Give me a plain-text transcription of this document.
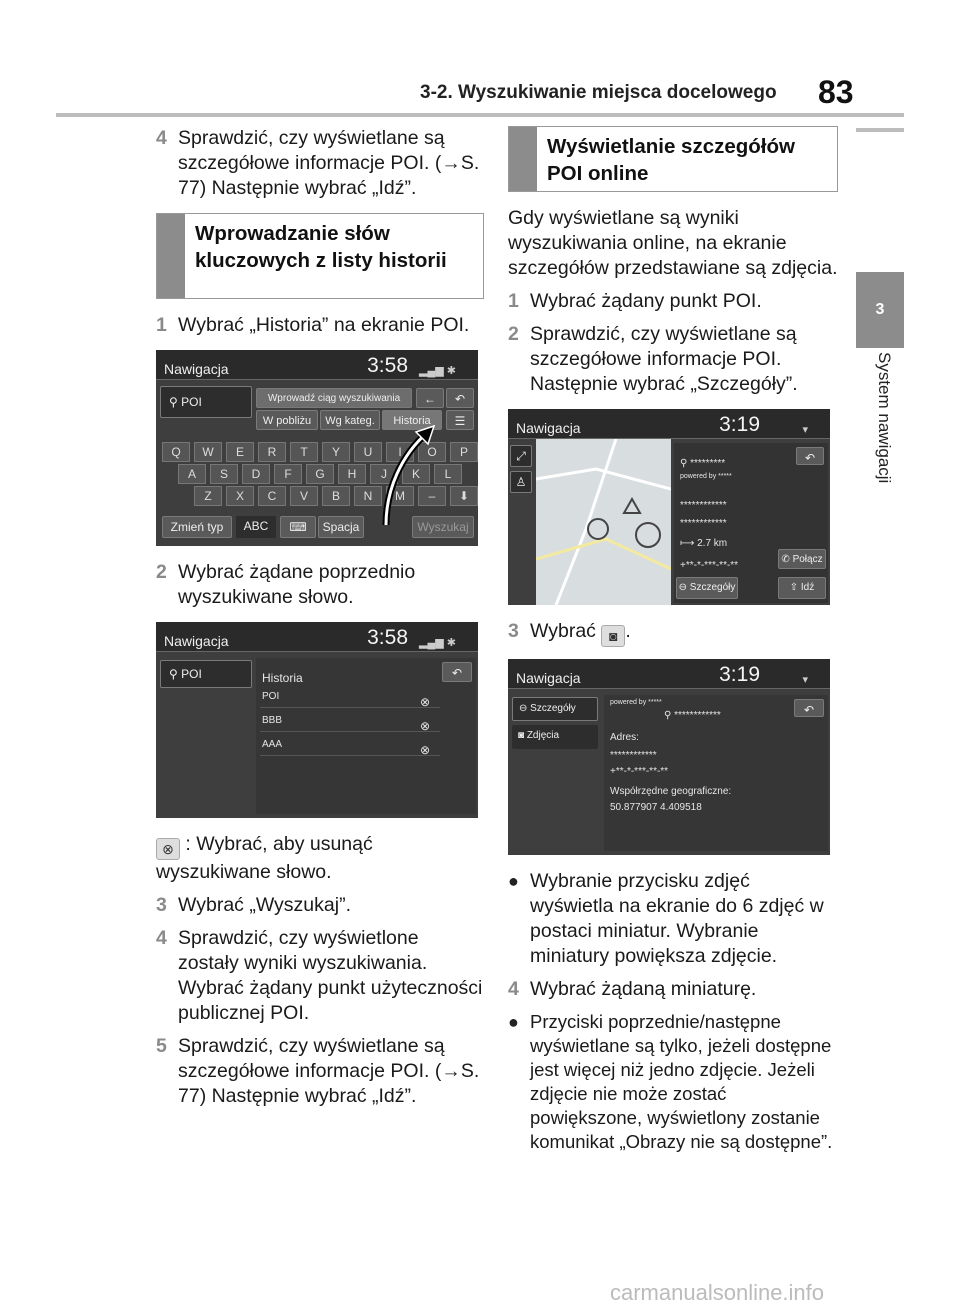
3-2. Wyszukiwanie miejsca docelowego 83
3
System nawigacji
4 Sprawdzić, czy wyświetlane są szczegółowe informacje POI. (→S. 77) Następnie wybrać „Idź”.
Wprowadzanie słów kluczowych z listy historii
1 Wybrać „Historia” na ekranie POI.
Nawigacja	3:58 ▂▄▆ ✱
⚲ POI	Wprowadź ciąg wyszukiwania	←	↶
W pobliżu	Wg kateg.	Historia	☰
Q	W	E	R	T	Y	U	I	O	P
A	S	D	F	G	H	J	K	L
Z	X	C	V	B	N	M	–	⬇
Zmień typ	ABC	⌨	Spacja	Wyszukaj
2 Wybrać żądane poprzednio wyszukiwane słowo.
Nawigacja	3:58 ▂▄▆ ✱
⚲ POI	Historia	↶
POI	⊗
BBB	⊗
AAA	⊗
⊗ : Wybrać, aby usunąć wyszukiwane słowo.
3 Wybrać „Wyszukaj”.
4 Sprawdzić, czy wyświetlone zostały wyniki wyszukiwania. Wybrać żądany punkt użyteczności publicznej POI.
5 Sprawdzić, czy wyświetlane są szczegółowe informacje POI. (→S. 77) Następnie wybrać „Idź”.
Wyświetlanie szczegółów POI online
Gdy wyświetlane są wyniki wyszukiwania online, na ekranie szczegółów przedstawiane są zdjęcia.
1 Wybrać żądany punkt POI.
2 Sprawdzić, czy wyświetlane są szczegółowe informacje POI. Następnie wybrać „Szczegóły”.
Nawigacja	3:19	▾
⤢
♙
⚲ *********	↶
powered by *****
************
************
⟼ 2.7 km
+**-*-***-**-**
✆ Połącz
⊖ Szczegóły	⇧ Idź
3 Wybrać ◙ .
Nawigacja	3:19	▾
⊖ Szczegóły
◙ Zdjęcia
powered by *****
⚲ ************	↶
Adres:
************
+**-*-***-**-**
Współrzędne geograficzne:
50.877907 4.409518
● Wybranie przycisku zdjęć wyświetla na ekranie do 6 zdjęć w postaci miniatur. Wybranie miniatury powiększa zdjęcie.
4 Wybrać żądaną miniaturę.
● Przyciski poprzednie/następne wyświetlane są tylko, jeżeli dostępne jest więcej niż jedno zdjęcie. Jeżeli zdjęcie nie może zostać powiększone, wyświetlony zostanie komunikat „Obrazy nie są dostępne”.
carmanualsonline.info
